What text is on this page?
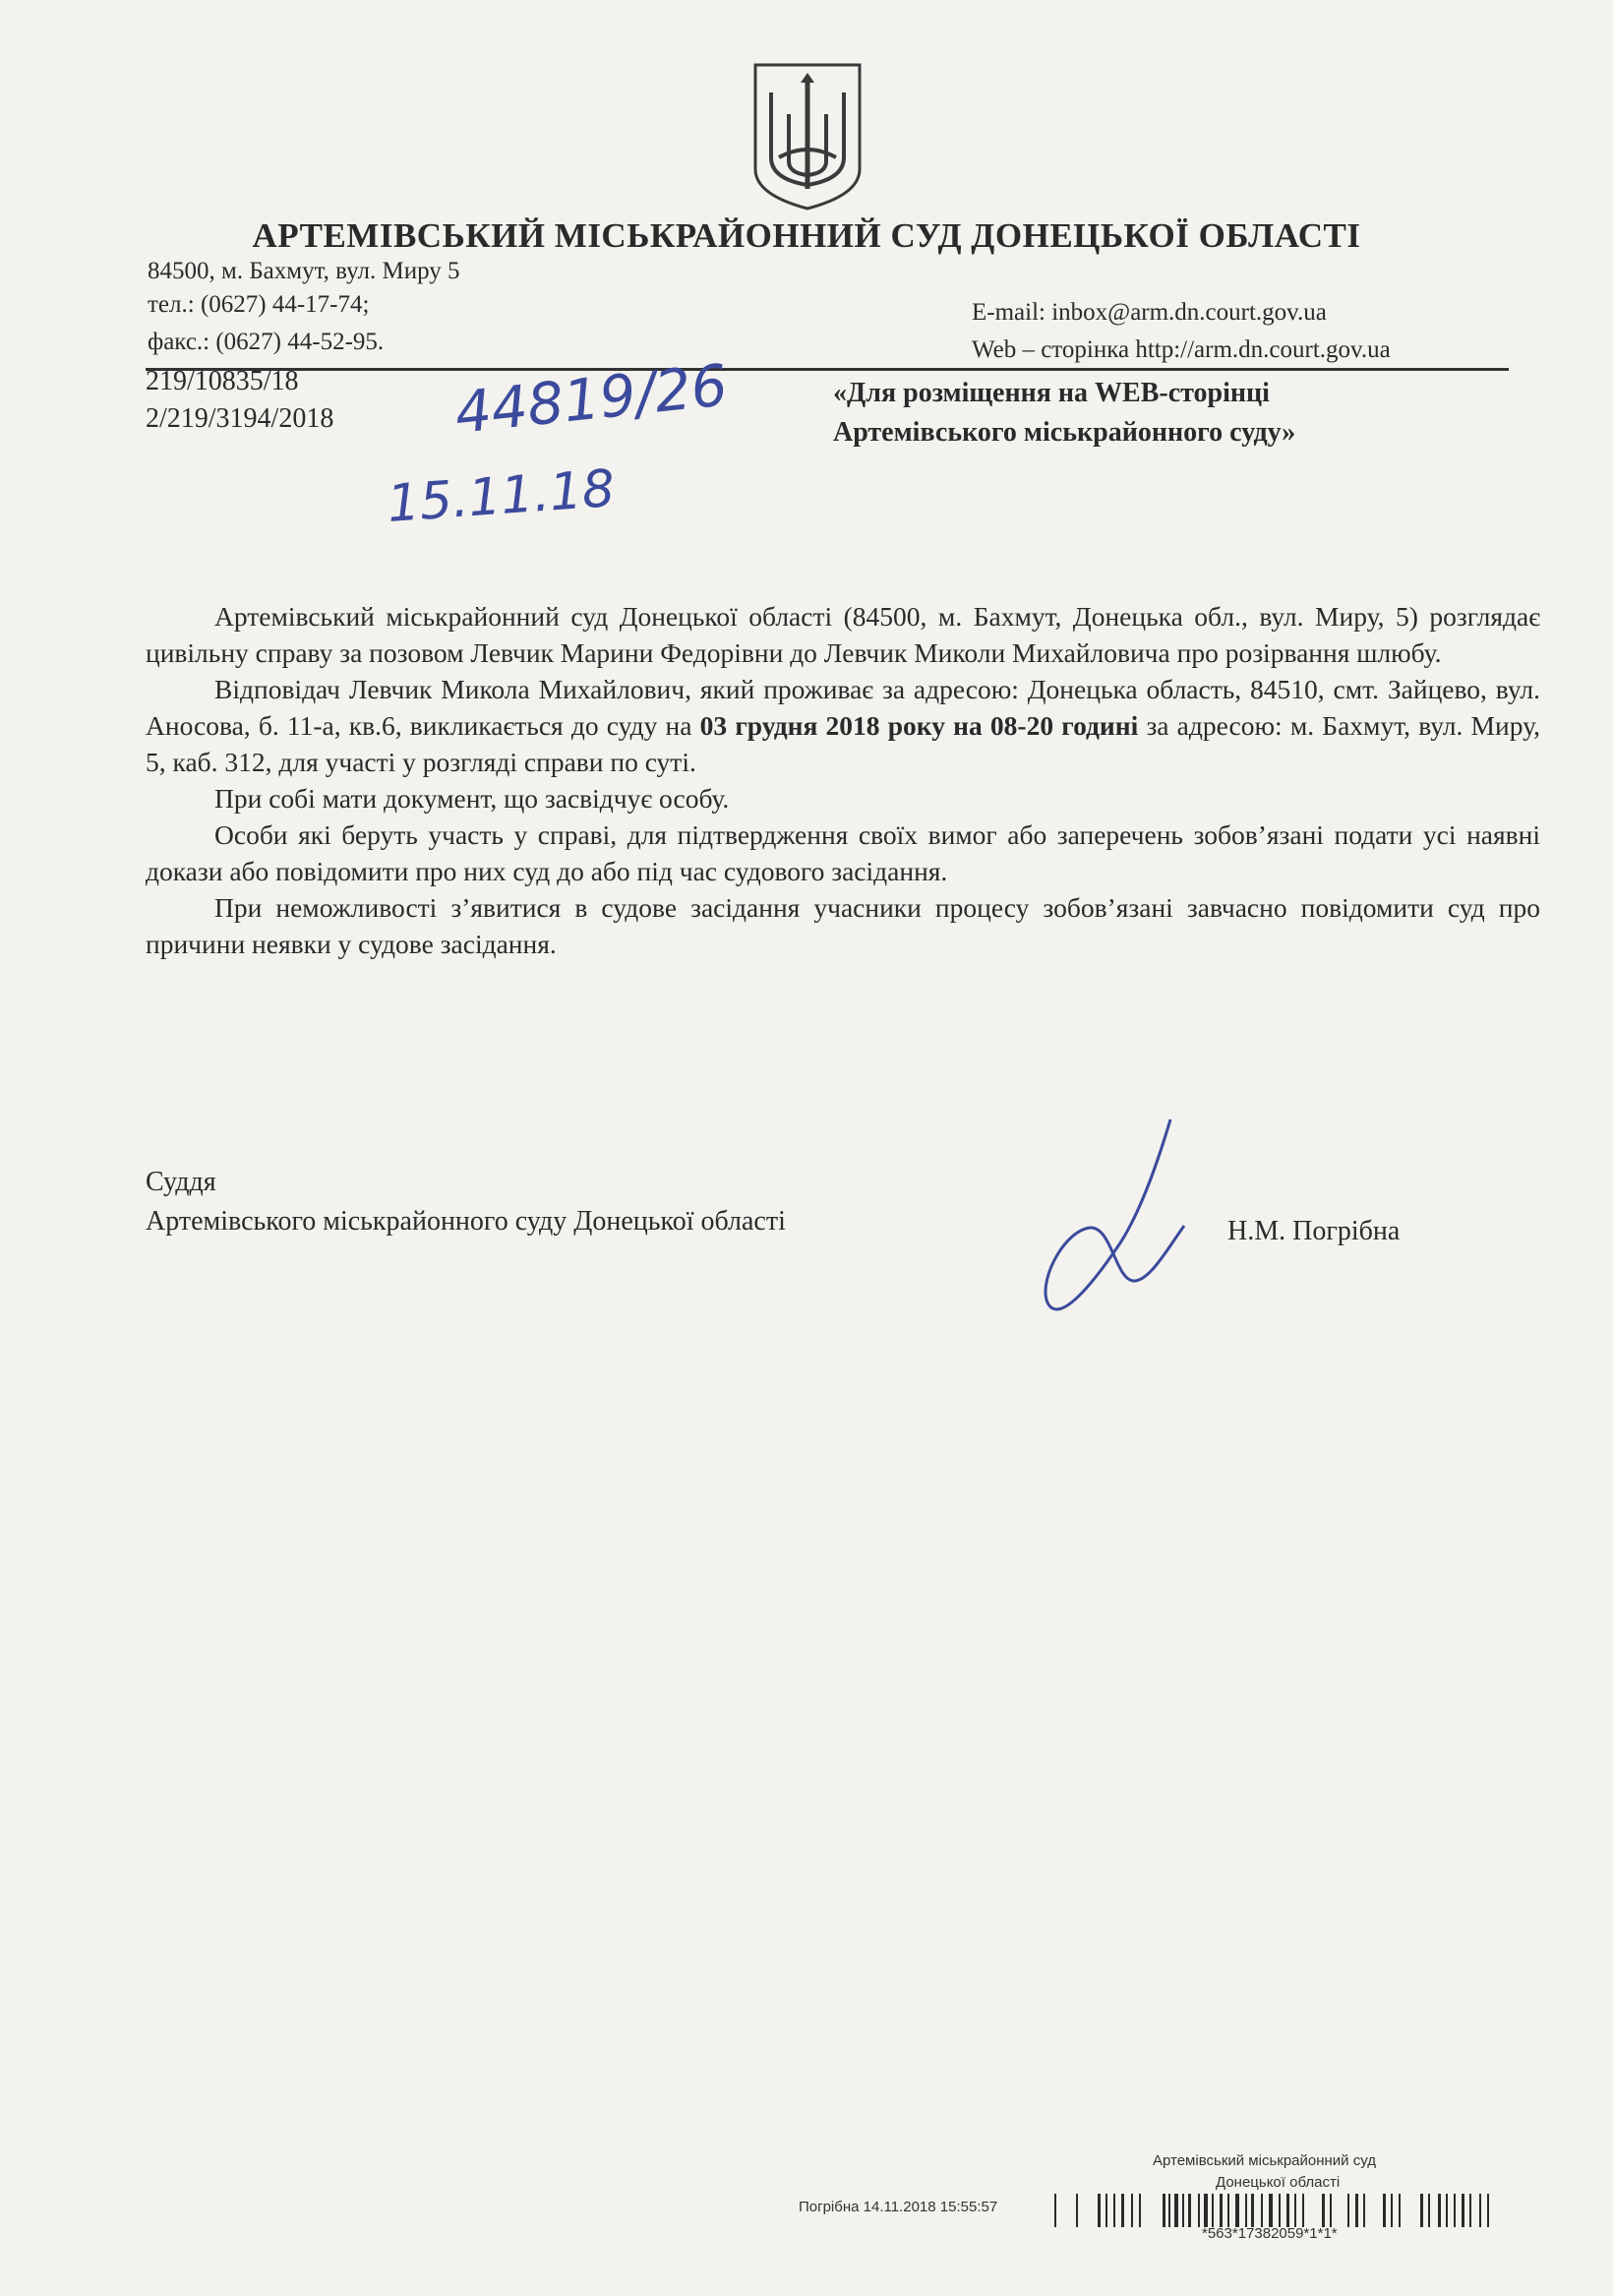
АРТЕМІВСЬКИЙ МІСЬКРАЙОННИЙ СУД ДОНЕЦЬКОЇ ОБЛАСТІ
84500, м. Бахмут, вул. Миру 5
тел.: (0627) 44-17-74;
факс.: (0627) 44-52-95.
E-mail: inbox@arm.dn.court.gov.ua
Web – сторінка http://arm.dn.court.gov.ua
219/10835/18
2/219/3194/2018
«Для розміщення на WEB-сторінці
Артемівського міськрайонного суду»
44819/26
15.11.18

Артемівський міськрайонний суд Донецької області (84500, м. Бахмут, Донецька обл., вул. Миру, 5) розглядає цивільну справу за позовом Левчик Марини Федорівни до Левчик Миколи Михайловича про розірвання шлюбу.

Відповідач Левчик Микола Михайлович, який проживає за адресою: Донецька область, 84510, смт. Зайцево, вул. Аносова, б. 11-а, кв.6, викликається до суду на 03 грудня 2018 року на 08-20 годині за адресою: м. Бахмут, вул. Миру, 5, каб. 312, для участі у розгляді справи по суті.

При собі мати документ, що засвідчує особу.

Особи які беруть участь у справі, для підтвердження своїх вимог або заперечень зобов’язані подати усі наявні докази або повідомити про них суд до або під час судового засідання.

При неможливості з’явитися в судове засідання учасники процесу зобов’язані завчасно повідомити суд про причини неявки у судове засідання.

Суддя
Артемівського міськрайонного суду Донецької області	Н.М. Погрібна
Артемівський міськрайонний суд
Донецької області
Погрібна 14.11.2018 15:55:57
*563*17382059*1*1*
